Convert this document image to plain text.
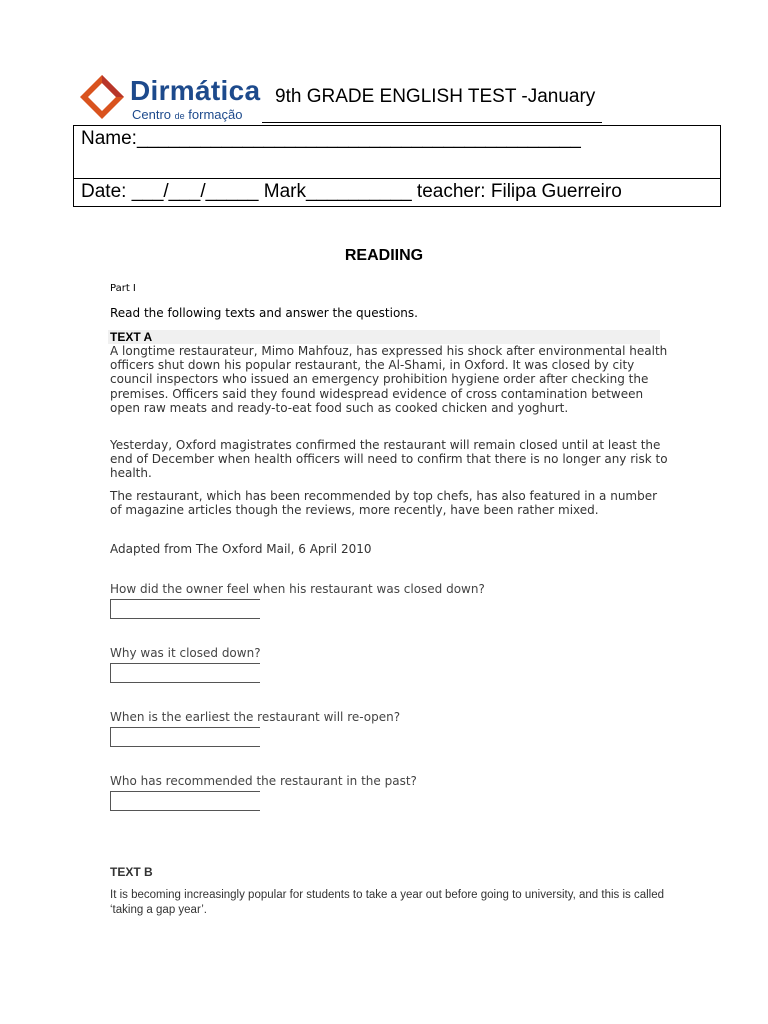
Dirmática
Centro de formação
9th GRADE ENGLISH TEST -January
Name:__________________________________________
Date: ___/___/_____ Mark__________ teacher: Filipa Guerreiro
READIING
Part I
Read the following texts and answer the questions.
TEXT A
A longtime restaurateur, Mimo Mahfouz, has expressed his shock after environmental health officers shut down his popular restaurant, the Al-Shami, in Oxford. It was closed by city council inspectors who issued an emergency prohibition hygiene order after checking the premises. Officers said they found widespread evidence of cross contamination between open raw meats and ready-to-eat food such as cooked chicken and yoghurt.
Yesterday, Oxford magistrates confirmed the restaurant will remain closed until at least the end of December when health officers will need to confirm that there is no longer any risk to health.
The restaurant, which has been recommended by top chefs, has also featured in a number of magazine articles though the reviews, more recently, have been rather mixed.
Adapted from The Oxford Mail, 6 April 2010
How did the owner feel when his restaurant was closed down?
Why was it closed down?
When is the earliest the restaurant will re-open?
Who has recommended the restaurant in the past?
TEXT B
It is becoming increasingly popular for students to take a year out before going to university, and this is called ‘taking a gap year’.
